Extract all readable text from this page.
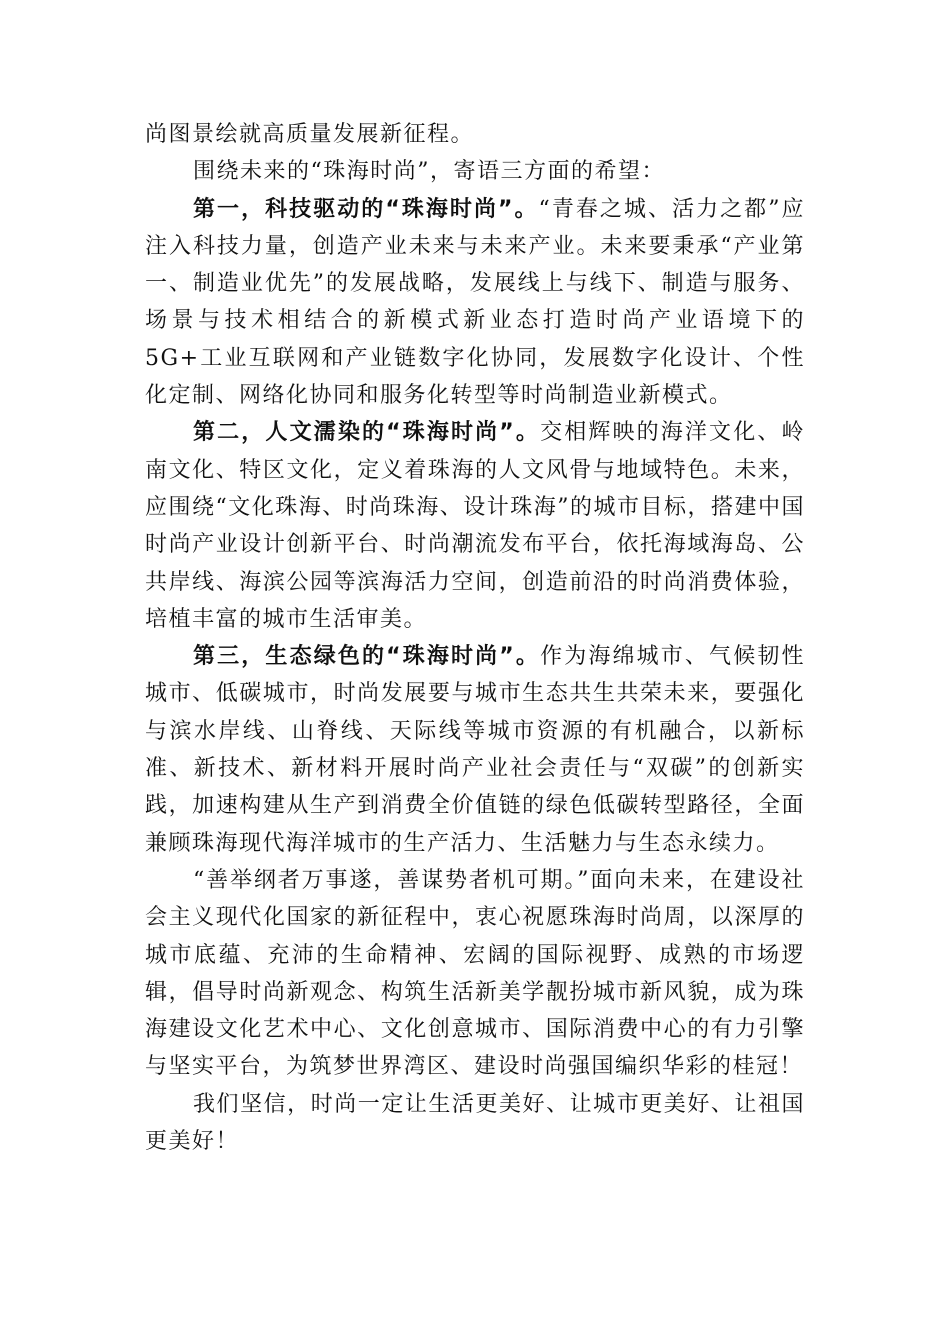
尚图景绘就高质量发展新征程。

围绕未来的“珠海时尚”，寄语三方面的希望：

第一，科技驱动的“珠海时尚”。“青春之城、活力之都”应注入科技力量，创造产业未来与未来产业。未来要秉承“产业第一、制造业优先”的发展战略，发展线上与线下、制造与服务、场景与技术相结合的新模式新业态打造时尚产业语境下的5G+工业互联网和产业链数字化协同，发展数字化设计、个性化定制、网络化协同和服务化转型等时尚制造业新模式。

第二，人文濡染的“珠海时尚”。交相辉映的海洋文化、岭南文化、特区文化，定义着珠海的人文风骨与地域特色。未来，应围绕“文化珠海、时尚珠海、设计珠海”的城市目标，搭建中国时尚产业设计创新平台、时尚潮流发布平台，依托海域海岛、公共岸线、海滨公园等滨海活力空间，创造前沿的时尚消费体验，培植丰富的城市生活审美。

第三，生态绿色的“珠海时尚”。作为海绵城市、气候韧性城市、低碳城市，时尚发展要与城市生态共生共荣未来，要强化与滨水岸线、山脊线、天际线等城市资源的有机融合，以新标准、新技术、新材料开展时尚产业社会责任与“双碳”的创新实践，加速构建从生产到消费全价值链的绿色低碳转型路径，全面兼顾珠海现代海洋城市的生产活力、生活魅力与生态永续力。

“善举纲者万事遂，善谋势者机可期。”面向未来，在建设社会主义现代化国家的新征程中，衷心祝愿珠海时尚周，以深厚的城市底蕴、充沛的生命精神、宏阔的国际视野、成熟的市场逻辑，倡导时尚新观念、构筑生活新美学靓扮城市新风貌，成为珠海建设文化艺术中心、文化创意城市、国际消费中心的有力引擎与坚实平台，为筑梦世界湾区、建设时尚强国编织华彩的桂冠！

我们坚信，时尚一定让生活更美好、让城市更美好、让祖国更美好！
